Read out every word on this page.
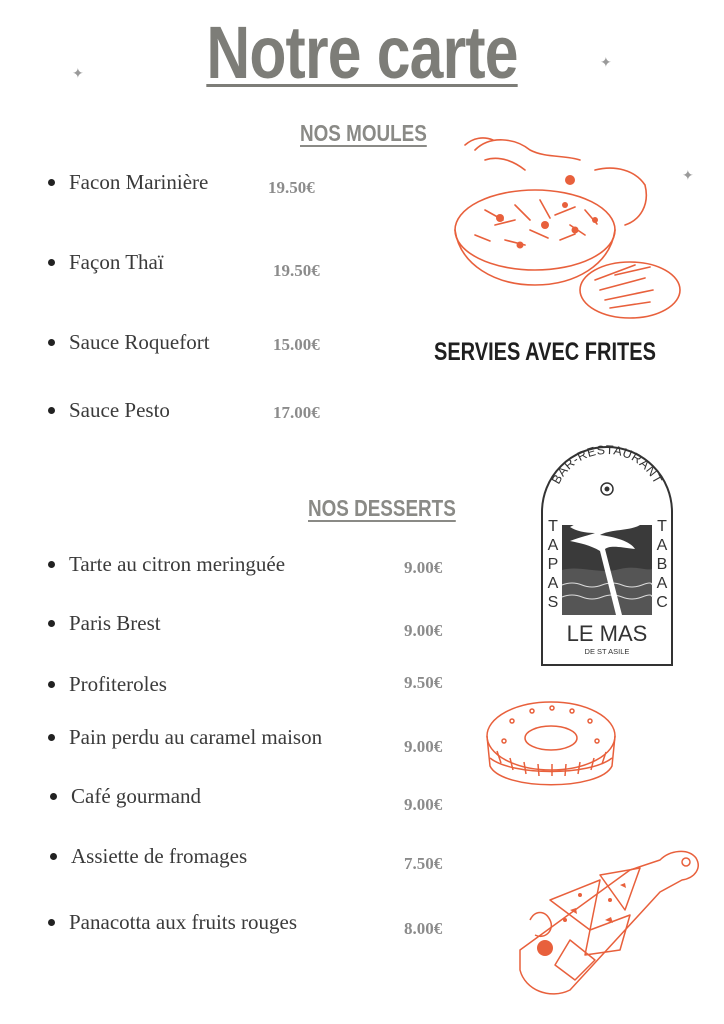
Notre carte
✦
✦
✦
NOS MOULES
Facon Marinière	19.50€
Façon Thaï	19.50€
Sauce Roquefort	15.00€
Sauce Pesto	17.00€
SERVIES AVEC FRITES
NOS DESSERTS
Tarte au citron meringuée	9.00€
Paris Brest	9.00€
Profiteroles	9.50€
Pain perdu au caramel maison	9.00€
Café gourmand	9.00€
Assiette de fromages	7.50€
Panacotta aux fruits rouges	8.00€
BAR-RESTAURANT
TAPAS
TABAC
LE MAS
DE ST ASILE
